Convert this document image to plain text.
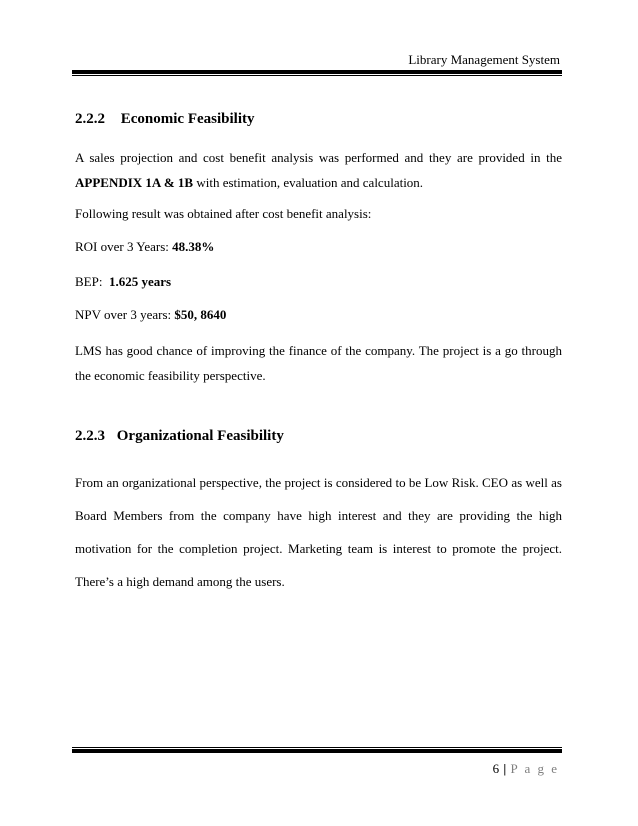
Library Management System
2.2.2 Economic Feasibility

A sales projection and cost benefit analysis was performed and they are provided in the APPENDIX 1A & 1B with estimation, evaluation and calculation.

Following result was obtained after cost benefit analysis:

ROI over 3 Years: 48.38%

BEP:  1.625 years

NPV over 3 years: $50, 8640

LMS has good chance of improving the finance of the company. The project is a go through the economic feasibility perspective.

2.2.3 Organizational Feasibility

From an organizational perspective, the project is considered to be Low Risk. CEO as well as Board Members from the company have high interest and they are providing the high motivation for the completion project. Marketing team is interest to promote the project. There’s a high demand among the users.

6 | P a g e
